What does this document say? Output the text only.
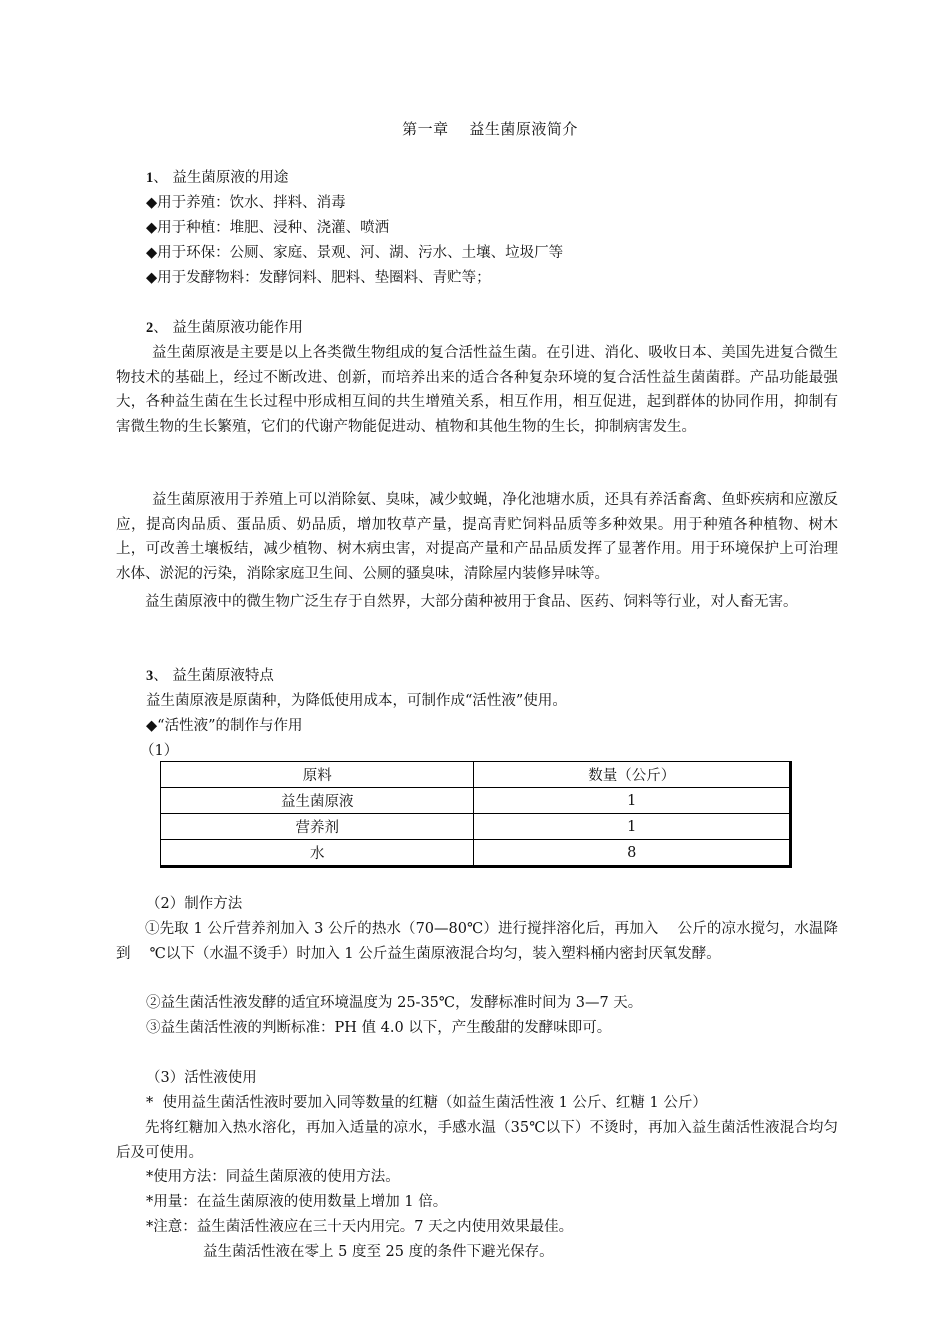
第一章　 益生菌原液简介
1、 益生菌原液的用途
◆用于养殖：饮水、拌料、消毒
◆用于种植：堆肥、浸种、浇灌、喷洒
◆用于环保：公厕、家庭、景观、河、湖、污水、土壤、垃圾厂等
◆用于发酵物料：发酵饲料、肥料、垫圈料、青贮等；
2、 益生菌原液功能作用
益生菌原液是主要是以上各类微生物组成的复合活性益生菌。在引进、消化、吸收日本、美国先进复合微生物技术的基础上，经过不断改进、创新，而培养出来的适合各种复杂环境的复合活性益生菌菌群。产品功能最强大，各种益生菌在生长过程中形成相互间的共生增殖关系，相互作用，相互促进，起到群体的协同作用，抑制有害微生物的生长繁殖，它们的代谢产物能促进动、植物和其他生物的生长，抑制病害发生。
益生菌原液用于养殖上可以消除氨、臭味，减少蚊蝇，净化池塘水质，还具有养活畜禽、鱼虾疾病和应激反应，提高肉品质、蛋品质、奶品质，增加牧草产量，提高青贮饲料品质等多种效果。用于种殖各种植物、树木上，可改善土壤板结，减少植物、树木病虫害，对提高产量和产品品质发挥了显著作用。用于环境保护上可治理水体、淤泥的污染，消除家庭卫生间、公厕的骚臭味，清除屋内装修异味等。
益生菌原液中的微生物广泛生存于自然界，大部分菌种被用于食品、医药、饲料等行业，对人畜无害。
3、 益生菌原液特点
益生菌原液是原菌种，为降低使用成本，可制作成“活性液”使用。
◆“活性液”的制作与作用
（1）
原料	数量（公斤）
益生菌原液	1
营养剂	1
水	8
（2）制作方法
①先取 1 公斤营养剂加入 3 公斤的热水（70—80℃）进行搅拌溶化后，再加入　 公斤的凉水搅匀，水温降到　 ℃以下（水温不烫手）时加入 1 公斤益生菌原液混合均匀，装入塑料桶内密封厌氧发酵。
②益生菌活性液发酵的适宜环境温度为 25-35℃，发酵标准时间为 3—7 天。
③益生菌活性液的判断标准：PH 值 4.0 以下，产生酸甜的发酵味即可。
（3）活性液使用
*  使用益生菌活性液时要加入同等数量的红糖（如益生菌活性液 1 公斤、红糖 1 公斤）
先将红糖加入热水溶化，再加入适量的凉水，手感水温（35℃以下）不烫时，再加入益生菌活性液混合均匀后及可使用。
*使用方法：同益生菌原液的使用方法。
*用量：在益生菌原液的使用数量上增加 1 倍。
*注意：益生菌活性液应在三十天内用完。7 天之内使用效果最佳。
益生菌活性液在零上 5 度至 25 度的条件下避光保存。
